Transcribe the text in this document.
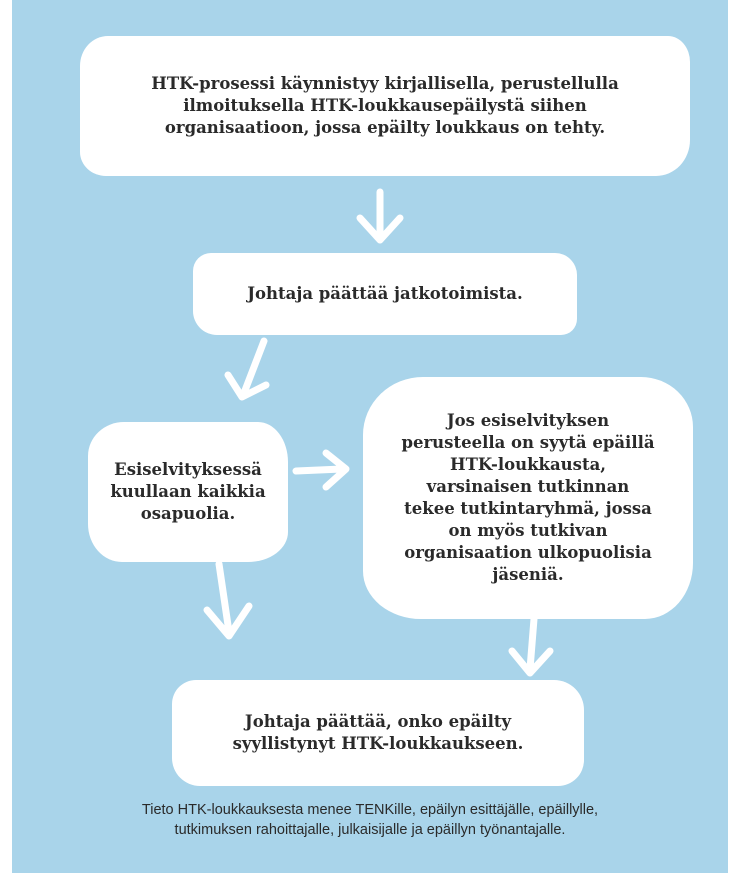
HTK-prosessi käynnistyy kirjallisella, perustellulla ilmoituksella HTK-loukkausepäilystä siihen organisaatioon, jossa epäilty loukkaus on tehty.
Johtaja päättää jatkotoimista.
Esiselvityksessä kuullaan kaikkia osapuolia.
Jos esiselvityksen perusteella on syytä epäillä HTK-loukkausta, varsinaisen tutkinnan tekee tutkintaryhmä, jossa on myös tutkivan organisaation ulkopuolisia jäseniä.
Johtaja päättää, onko epäilty syyllistynyt HTK-loukkaukseen.
Tieto HTK-loukkauksesta menee TENKille, epäilyn esittäjälle, epäillylle,
tutkimuksen rahoittajalle, julkaisijalle ja epäillyn työnantajalle.
